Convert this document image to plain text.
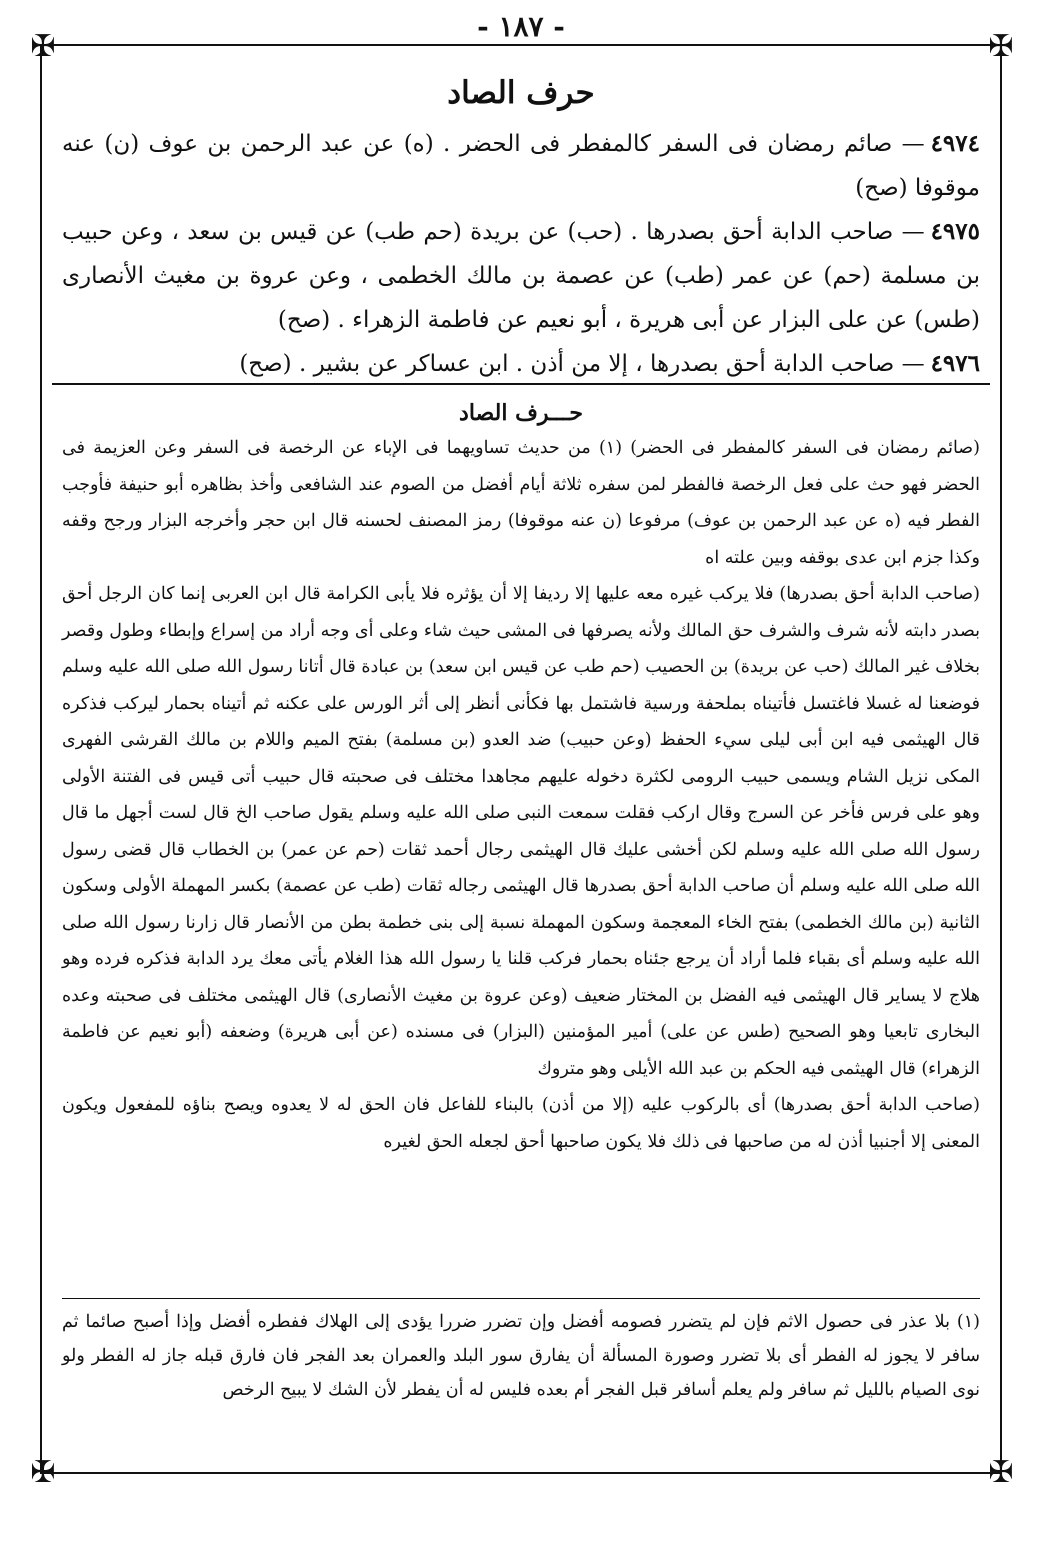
- ١٨٧ -
✠	✠
✠	✠
حرف الصاد

٤٩٧٤— صائم رمضان فى السفر كالمفطر فى الحضر . (ه) عن عبد الرحمن بن عوف (ن) عنه موقوفا (صح)

٤٩٧٥— صاحب الدابة أحق بصدرها . (حب) عن بريدة (حم طب) عن قيس بن سعد ، وعن حبيب بن مسلمة (حم) عن عمر (طب) عن عصمة بن مالك الخطمى ، وعن عروة بن مغيث الأنصارى (طس) عن على البزار عن أبى هريرة ، أبو نعيم عن فاطمة الزهراء . (صح)

٤٩٧٦— صاحب الدابة أحق بصدرها ، إلا من أذن . ابن عساكر عن بشير . (صح)

حـــرف الصاد

(صائم رمضان فى السفر كالمفطر فى الحضر) (١) من حديث تساويهما فى الإباء عن الرخصة فى السفر وعن العزيمة فى الحضر فهو حث على فعل الرخصة فالفطر لمن سفره ثلاثة أيام أفضل من الصوم عند الشافعى وأخذ بظاهره أبو حنيفة فأوجب الفطر فيه (ه عن عبد الرحمن بن عوف) مرفوعا (ن عنه موقوفا) رمز المصنف لحسنه قال ابن حجر وأخرجه البزار ورجح وقفه وكذا جزم ابن عدى بوقفه وبين علته اه

(صاحب الدابة أحق بصدرها) فلا يركب غيره معه عليها إلا رديفا إلا أن يؤثره فلا يأبى الكرامة قال ابن العربى إنما كان الرجل أحق بصدر دابته لأنه شرف والشرف حق المالك ولأنه يصرفها فى المشى حيث شاء وعلى أى وجه أراد من إسراع وإبطاء وطول وقصر بخلاف غير المالك (حب عن بريدة) بن الحصيب (حم طب عن قيس ابن سعد) بن عبادة قال أتانا رسول الله صلى الله عليه وسلم فوضعنا له غسلا فاغتسل فأتيناه بملحفة ورسية فاشتمل بها فكأنى أنظر إلى أثر الورس على عكنه ثم أتيناه بحمار ليركب فذكره قال الهيثمى فيه ابن أبى ليلى سيء الحفظ (وعن حبيب) ضد العدو (بن مسلمة) بفتح الميم واللام بن مالك القرشى الفهرى المكى نزيل الشام ويسمى حبيب الرومى لكثرة دخوله عليهم مجاهدا مختلف فى صحبته قال حبيب أتى قيس فى الفتنة الأولى وهو على فرس فأخر عن السرج وقال اركب فقلت سمعت النبى صلى الله عليه وسلم يقول صاحب الخ قال لست أجهل ما قال رسول الله صلى الله عليه وسلم لكن أخشى عليك قال الهيثمى رجال أحمد ثقات (حم عن عمر) بن الخطاب قال قضى رسول الله صلى الله عليه وسلم أن صاحب الدابة أحق بصدرها قال الهيثمى رجاله ثقات (طب عن عصمة) بكسر المهملة الأولى وسكون الثانية (بن مالك الخطمى) بفتح الخاء المعجمة وسكون المهملة نسبة إلى بنى خطمة بطن من الأنصار قال زارنا رسول الله صلى الله عليه وسلم أى بقباء فلما أراد أن يرجع جئناه بحمار فركب قلنا يا رسول الله هذا الغلام يأتى معك يرد الدابة فذكره فرده وهو هلاج لا يساير قال الهيثمى فيه الفضل بن المختار ضعيف (وعن عروة بن مغيث الأنصارى) قال الهيثمى مختلف فى صحبته وعده البخارى تابعيا وهو الصحيح (طس عن على) أمير المؤمنين (البزار) فى مسنده (عن أبى هريرة) وضعفه (أبو نعيم عن فاطمة الزهراء) قال الهيثمى فيه الحكم بن عبد الله الأيلى وهو متروك

(صاحب الدابة أحق بصدرها) أى بالركوب عليه (إلا من أذن) بالبناء للفاعل فان الحق له لا يعدوه ويصح بناؤه للمفعول ويكون المعنى إلا أجنبيا أذن له من صاحبها فى ذلك فلا يكون صاحبها أحق لجعله الحق لغيره

(١) بلا عذر فى حصول الاثم فإن لم يتضرر فصومه أفضل وإن تضرر ضررا يؤدى إلى الهلاك ففطره أفضل وإذا أصبح صائما ثم سافر لا يجوز له الفطر أى بلا تضرر وصورة المسألة أن يفارق سور البلد والعمران بعد الفجر فان فارق قبله جاز له الفطر ولو نوى الصيام بالليل ثم سافر ولم يعلم أسافر قبل الفجر أم بعده فليس له أن يفطر لأن الشك لا يبيح الرخص
